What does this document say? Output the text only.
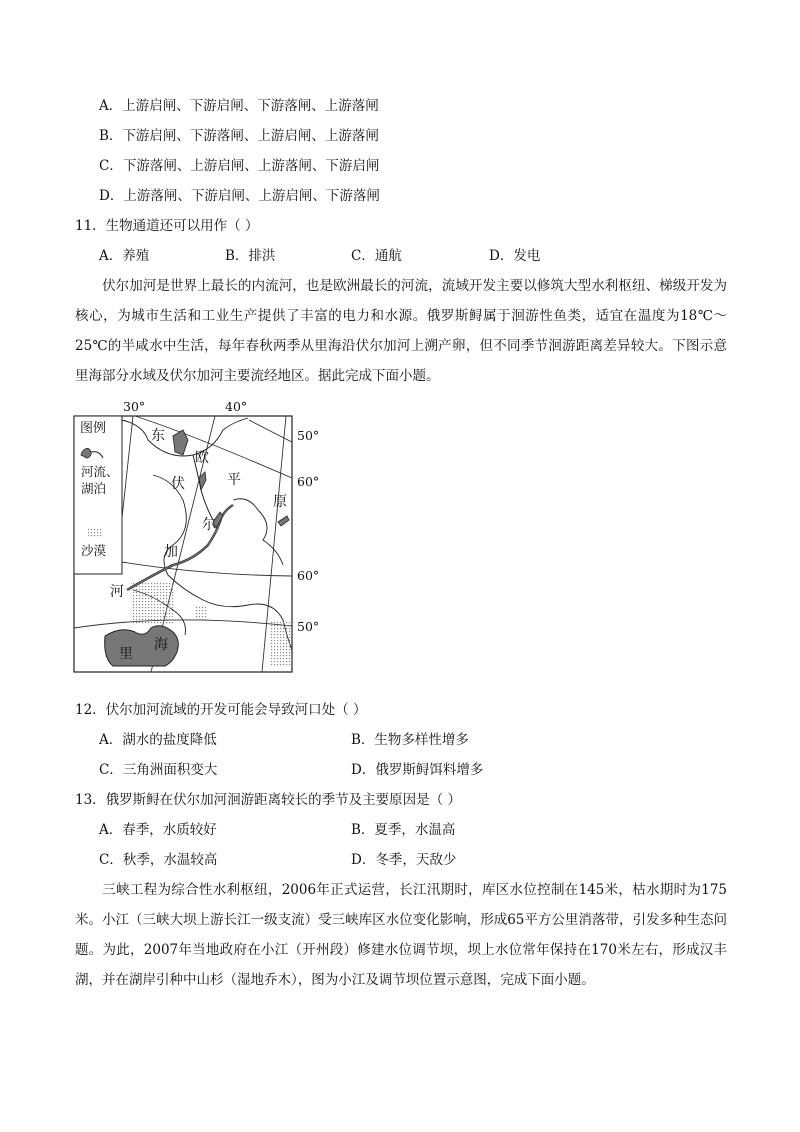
A．上游启闸、下游启闸、下游落闸、上游落闸
B．下游启闸、下游落闸、上游启闸、上游落闸
C．下游落闸、上游启闸、上游落闸、下游启闸
D．上游落闸、下游启闸、上游启闸、下游落闸
11．生物通道还可以用作（ ）
A．养殖	B．排洪	C．通航	D．发电
伏尔加河是世界上最长的内流河，也是欧洲最长的河流，流域开发主要以修筑大型水利枢纽、梯级开发为核心，为城市生活和工业生产提供了丰富的电力和水源。俄罗斯鲟属于洄游性鱼类，适宜在温度为18℃～25℃的半咸水中生活，每年春秋两季从里海沿伏尔加河上溯产卵，但不同季节洄游距离差异较大。下图示意里海部分水域及伏尔加河主要流经地区。据此完成下面小题。
图例
河流、
湖泊
沙漠
30°	40°
50°
60°
60°
50°
东
欧
平
原
伏
尔
加
河
里
海
12．伏尔加河流域的开发可能会导致河口处（ ）
A．湖水的盐度降低	B．生物多样性增多
C．三角洲面积变大	D．俄罗斯鲟饵料增多
13．俄罗斯鲟在伏尔加河洄游距离较长的季节及主要原因是（ ）
A．春季，水质较好	B．夏季，水温高
C．秋季，水温较高	D．冬季，天敌少
三峡工程为综合性水利枢纽，2006年正式运营，长江汛期时，库区水位控制在145米，枯水期时为175米。小江（三峡大坝上游长江一级支流）受三峡库区水位变化影响，形成65平方公里消落带，引发多种生态问题。为此，2007年当地政府在小江（开州段）修建水位调节坝，坝上水位常年保持在170米左右，形成汉丰湖，并在湖岸引种中山杉（湿地乔木），图为小江及调节坝位置示意图，完成下面小题。
